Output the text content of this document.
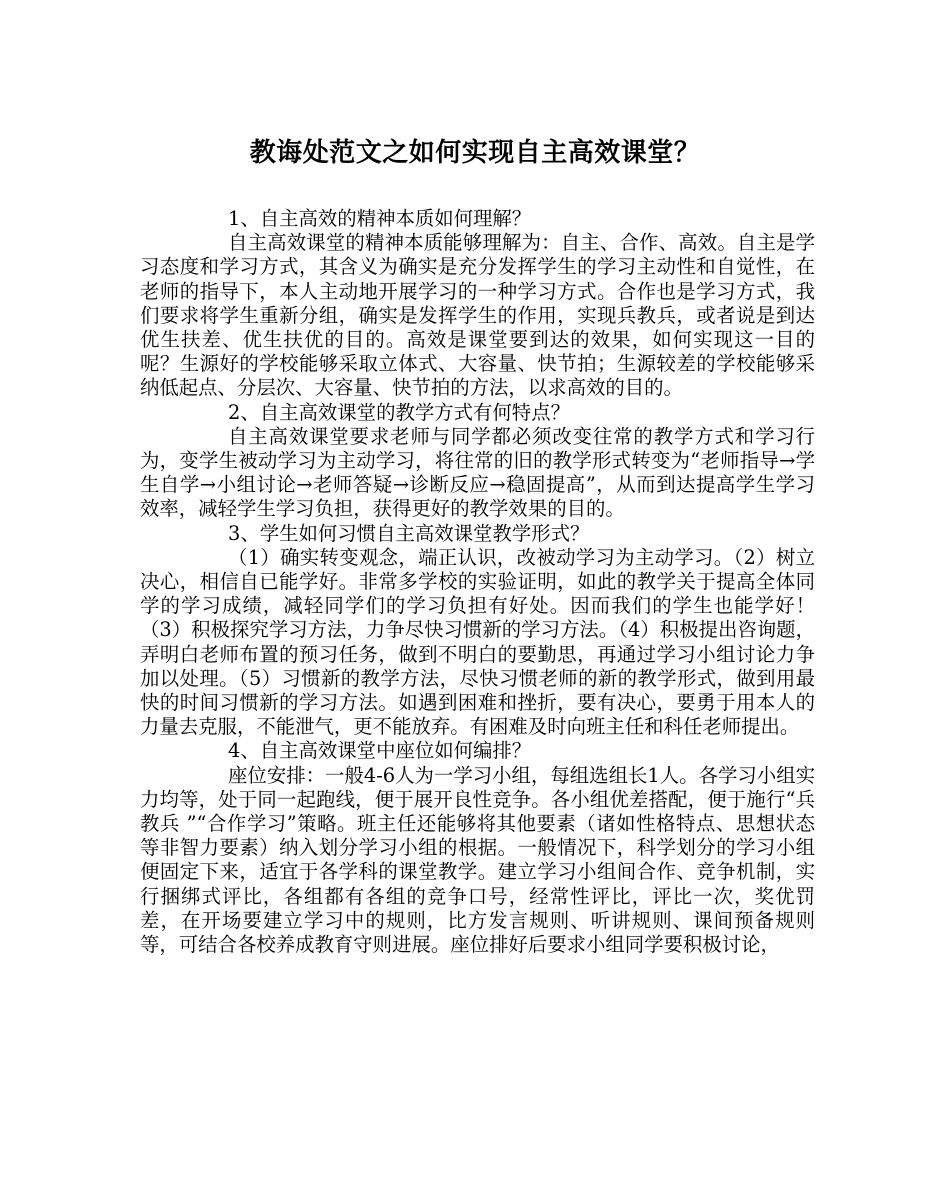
教诲处范文之如何实现自主高效课堂？

1、自主高效的精神本质如何理解？

自主高效课堂的精神本质能够理解为：自主、合作、高效。自主是学习态度和学习方式，其含义为确实是充分发挥学生的学习主动性和自觉性，在老师的指导下，本人主动地开展学习的一种学习方式。合作也是学习方式，我们要求将学生重新分组，确实是发挥学生的作用，实现兵教兵，或者说是到达优生扶差、优生扶优的目的。高效是课堂要到达的效果，如何实现这一目的呢？生源好的学校能够采取立体式、大容量、快节拍；生源较差的学校能够采纳低起点、分层次、大容量、快节拍的方法，以求高效的目的。

2、自主高效课堂的教学方式有何特点？

自主高效课堂要求老师与同学都必须改变往常的教学方式和学习行为，变学生被动学习为主动学习，将往常的旧的教学形式转变为“老师指导→学生自学→小组讨论→老师答疑→诊断反应→稳固提高”，从而到达提高学生学习效率，减轻学生学习负担，获得更好的教学效果的目的。

3、学生如何习惯自主高效课堂教学形式？

（1）确实转变观念，端正认识，改被动学习为主动学习。（2）树立决心，相信自已能学好。非常多学校的实验证明，如此的教学关于提高全体同学的学习成绩，减轻同学们的学习负担有好处。因而我们的学生也能学好！（3）积极探究学习方法，力争尽快习惯新的学习方法。（4）积极提出咨询题，弄明白老师布置的预习任务，做到不明白的要勤思，再通过学习小组讨论力争加以处理。（5）习惯新的教学方法，尽快习惯老师的新的教学形式，做到用最快的时间习惯新的学习方法。如遇到困难和挫折，要有决心，要勇于用本人的力量去克服，不能泄气，更不能放弃。有困难及时向班主任和科任老师提出。

4、自主高效课堂中座位如何编排？

座位安排：一般4-6人为一学习小组，每组选组长1人。各学习小组实力均等，处于同一起跑线，便于展开良性竞争。各小组优差搭配，便于施行“兵教兵 ”“合作学习”策略。班主任还能够将其他要素（诸如性格特点、思想状态等非智力要素）纳入划分学习小组的根据。一般情况下，科学划分的学习小组便固定下来，适宜于各学科的课堂教学。建立学习小组间合作、竞争机制，实行捆绑式评比，各组都有各组的竞争口号，经常性评比，评比一次，奖优罚差，在开场要建立学习中的规则，比方发言规则、听讲规则、课间预备规则等，可结合各校养成教育守则进展。座位排好后要求小组同学要积极讨论，
